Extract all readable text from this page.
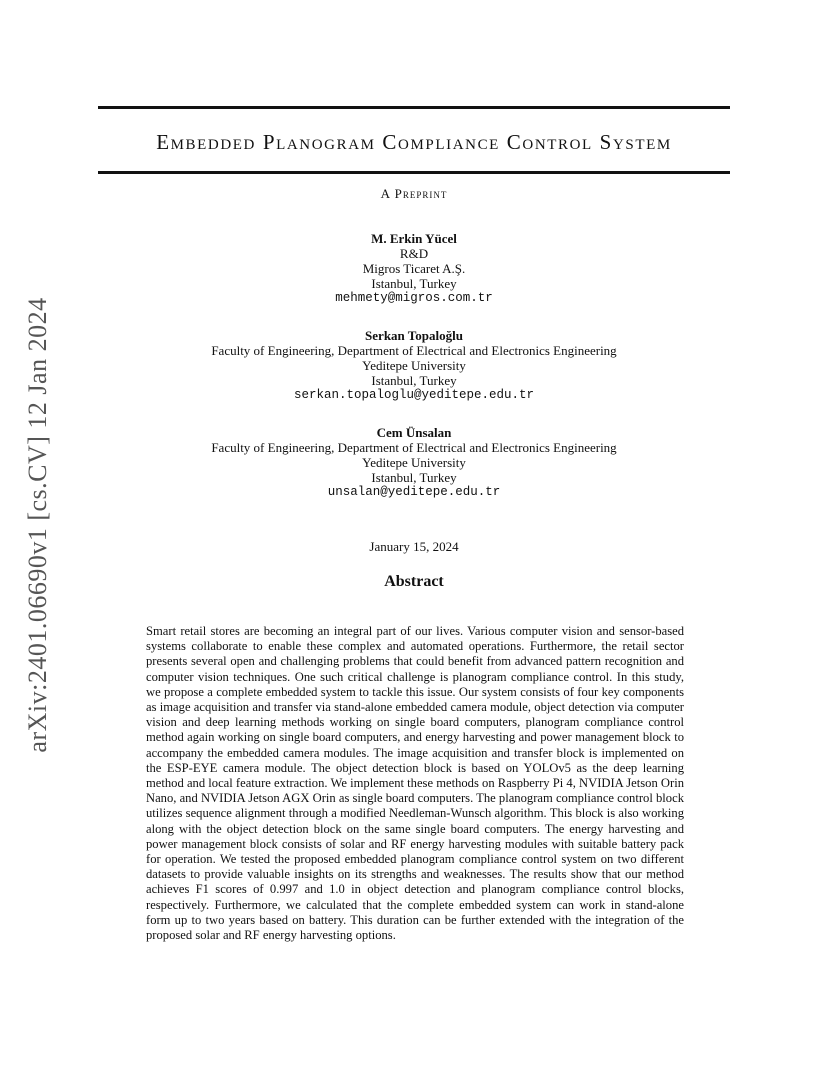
arXiv:2401.06690v1 [cs.CV] 12 Jan 2024
Embedded Planogram Compliance Control System
A Preprint
M. Erkin Yücel
R&D
Migros Ticaret A.Ş.
Istanbul, Turkey
mehmety@migros.com.tr
Serkan Topaloğlu
Faculty of Engineering, Department of Electrical and Electronics Engineering
Yeditepe University
Istanbul, Turkey
serkan.topaloglu@yeditepe.edu.tr
Cem Ünsalan
Faculty of Engineering, Department of Electrical and Electronics Engineering
Yeditepe University
Istanbul, Turkey
unsalan@yeditepe.edu.tr
January 15, 2024
Abstract

Smart retail stores are becoming an integral part of our lives. Various computer vision and sensor-based systems collaborate to enable these complex and automated operations. Furthermore, the retail sector presents several open and challenging problems that could benefit from advanced pattern recognition and computer vision techniques. One such critical challenge is planogram compliance control. In this study, we propose a complete embedded system to tackle this issue. Our system consists of four key components as image acquisition and transfer via stand-alone embedded camera module, object detection via computer vision and deep learning methods working on single board computers, planogram compliance control method again working on single board computers, and energy harvesting and power management block to accompany the embedded camera modules. The image acquisition and transfer block is implemented on the ESP-EYE camera module. The object detection block is based on YOLOv5 as the deep learning method and local feature extraction. We implement these methods on Raspberry Pi 4, NVIDIA Jetson Orin Nano, and NVIDIA Jetson AGX Orin as single board computers. The planogram compliance control block utilizes sequence alignment through a modified Needleman-Wunsch algorithm. This block is also working along with the object detection block on the same single board computers. The energy harvesting and power management block consists of solar and RF energy harvesting modules with suitable battery pack for operation. We tested the proposed embedded planogram compliance control system on two different datasets to provide valuable insights on its strengths and weaknesses. The results show that our method achieves F1 scores of 0.997 and 1.0 in object detection and planogram compliance control blocks, respectively. Furthermore, we calculated that the complete embedded system can work in stand-alone form up to two years based on battery. This duration can be further extended with the integration of the proposed solar and RF energy harvesting options.
